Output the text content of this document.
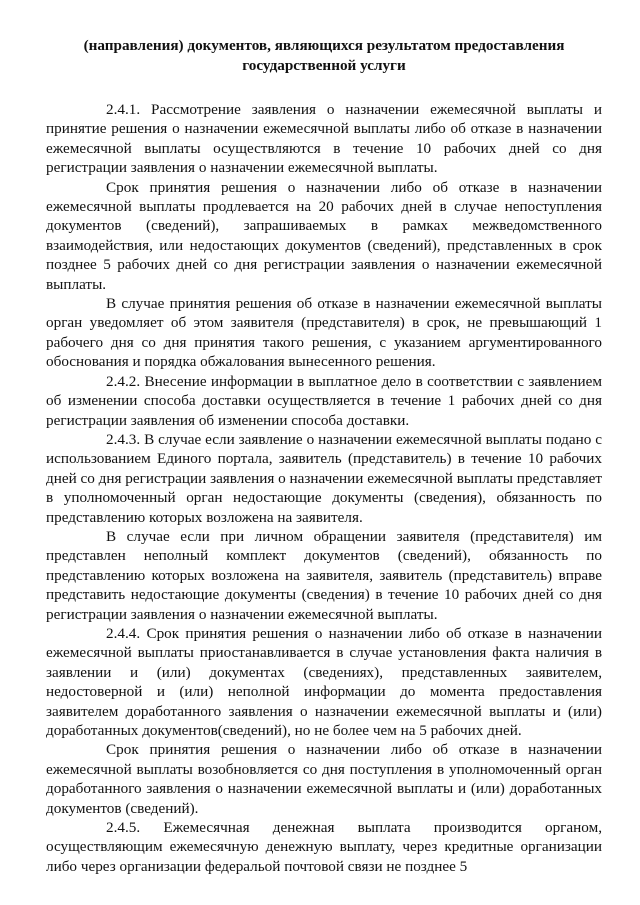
(направления) документов, являющихся результатом предоставления государственной услуги

2.4.1. Рассмотрение заявления о назначении ежемесячной выплаты и принятие решения о назначении ежемесячной выплаты либо об отказе в назначении ежемесячной выплаты осуществляются в течение 10 рабочих дней со дня регистрации заявления о назначении ежемесячной выплаты.

Срок принятия решения о назначении либо об отказе в назначении ежемесячной выплаты продлевается на 20 рабочих дней в случае непоступления документов (сведений), запрашиваемых в рамках межведомственного взаимодействия, или недостающих документов (сведений), представленных в срок позднее 5 рабочих дней со дня регистрации заявления о назначении ежемесячной выплаты.

В случае принятия решения об отказе в назначении ежемесячной выплаты орган уведомляет об этом заявителя (представителя) в срок, не превышающий 1 рабочего дня со дня принятия такого решения, с указанием аргументированного обоснования и порядка обжалования вынесенного решения.

2.4.2. Внесение информации в выплатное дело в соответствии с заявлением об изменении способа доставки осуществляется в течение 1 рабочих дней со дня регистрации заявления об изменении способа доставки.

2.4.3. В случае если заявление о назначении ежемесячной выплаты подано с использованием Единого портала, заявитель (представитель) в течение 10 рабочих дней со дня регистрации заявления о назначении ежемесячной выплаты представляет в уполномоченный орган недостающие документы (сведения), обязанность по представлению которых возложена на заявителя.

В случае если при личном обращении заявителя (представителя) им представлен неполный комплект документов (сведений), обязанность по представлению которых возложена на заявителя, заявитель (представитель) вправе представить недостающие документы (сведения) в течение 10 рабочих дней со дня регистрации заявления о назначении ежемесячной выплаты.

2.4.4. Срок принятия решения о назначении либо об отказе в назначении ежемесячной выплаты приостанавливается в случае установления факта наличия в заявлении и (или) документах (сведениях), представленных заявителем, недостоверной и (или) неполной информации до момента предоставления заявителем доработанного заявления о назначении ежемесячной выплаты и (или) доработанных документов(сведений), но не более чем на 5 рабочих дней.

Срок принятия решения о назначении либо об отказе в назначении ежемесячной выплаты возобновляется со дня поступления в уполномоченный орган доработанного заявления о назначении ежемесячной выплаты и (или) доработанных документов (сведений).

2.4.5. Ежемесячная денежная выплата производится органом, осуществляющим ежемесячную денежную выплату, через кредитные организации либо через организации федеральой почтовой связи не позднее 5
